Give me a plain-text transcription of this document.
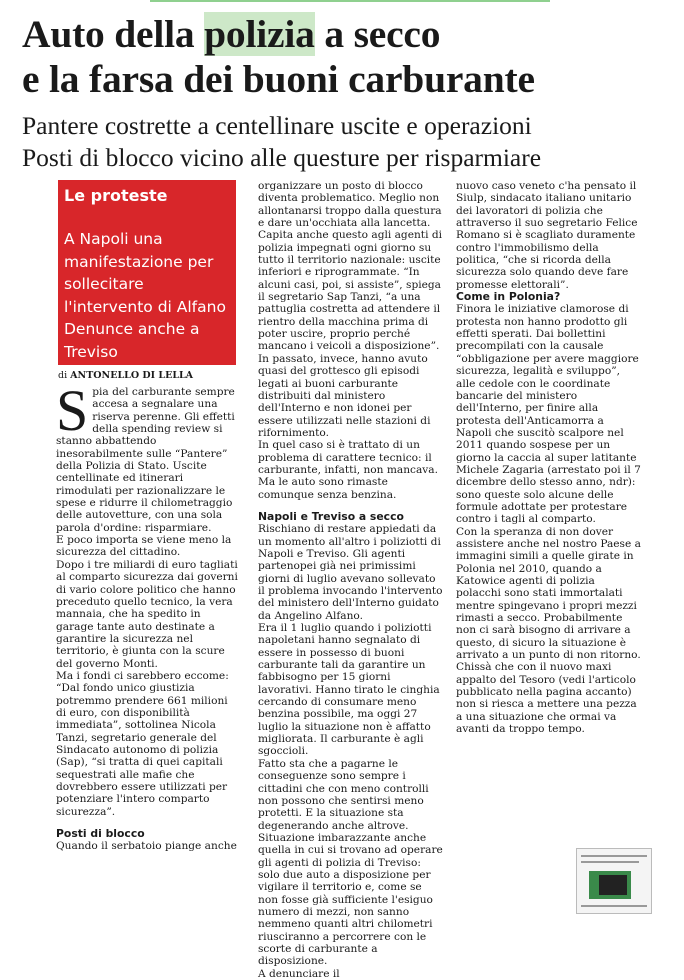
Auto della polizia a secco
e la farsa dei buoni carburante
Pantere costrette a centellinare uscite e operazioni
Posti di blocco vicino alle questure per risparmiare
Le proteste
A Napoli una manifestazione per sollecitare l'intervento di Alfano Denunce anche a Treviso
di ANTONELLO DI LELLA
S pia del carburante sempre accesa a segnalare una riserva perenne. Gli effetti della spending review si stanno abbattendo inesorabilmente sulle “Pantere” della Polizia di Stato. Uscite centellinate ed itinerari rimodulati per razionalizzare le spese e ridurre il chilometraggio delle autovetture, con una sola parola d'ordine: risparmiare.

E poco importa se viene meno la sicurezza del cittadino.

Dopo i tre miliardi di euro tagliati al comparto sicurezza dai governi di vario colore politico che hanno preceduto quello tecnico, la vera mannaia, che ha spedito in garage tante auto destinate a garantire la sicurezza nel territorio, è giunta con la scure del governo Monti.

Ma i fondi ci sarebbero eccome: “Dal fondo unico giustizia potremmo prendere 661 milioni di euro, con disponibilità immediata”, sottolinea Nicola Tanzi, segretario generale del Sindacato autonomo di polizia (Sap), “si tratta di quei capitali sequestrati alle mafie che dovrebbero essere utilizzati per potenziare l'intero comparto sicurezza”.

Posti di blocco

Quando il serbatoio piange anche

organizzare un posto di blocco diventa problematico. Meglio non allontanarsi troppo dalla questura e dare un'occhiata alla lancetta. Capita anche questo agli agenti di polizia impegnati ogni giorno su tutto il territorio nazionale: uscite inferiori e riprogrammate. “In alcuni casi, poi, si assiste”, spiega il segretario Sap Tanzi, “a una pattuglia costretta ad attendere il rientro della macchina prima di poter uscire, proprio perché mancano i veicoli a disposizione”.

In passato, invece, hanno avuto quasi del grottesco gli episodi legati ai buoni carburante distribuiti dal ministero dell'Interno e non idonei per essere utilizzati nelle stazioni di rifornimento.

In quel caso si è trattato di un problema di carattere tecnico: il carburante, infatti, non mancava. Ma le auto sono rimaste comunque senza benzina.

Napoli e Treviso a secco

Rischiano di restare appiedati da un momento all'altro i poliziotti di Napoli e Treviso. Gli agenti partenopei già nei primissimi giorni di luglio avevano sollevato il problema invocando l'intervento del ministero dell'Interno guidato da Angelino Alfano.

Era il 1 luglio quando i poliziotti napoletani hanno segnalato di essere in possesso di buoni carburante tali da garantire un fabbisogno per 15 giorni lavorativi. Hanno tirato le cinghia cercando di consumare meno benzina possibile, ma oggi 27 luglio la situazione non è affatto migliorata. Il carburante è agli sgoccioli.

Fatto sta che a pagarne le conseguenze sono sempre i cittadini che con meno controlli non possono che sentirsi meno protetti. E la situazione sta degenerando anche altrove. Situazione imbarazzante anche quella in cui si trovano ad operare gli agenti di polizia di Treviso: solo due auto a disposizione per vigilare il territorio e, come se non fosse già sufficiente l'esiguo numero di mezzi, non sanno nemmeno quanti altri chilometri riusciranno a percorrere con le scorte di carburante a disposizione.

A denunciare il

nuovo caso veneto c'ha pensato il Siulp, sindacato italiano unitario dei lavoratori di polizia che attraverso il suo segretario Felice Romano si è scagliato duramente contro l'immobilismo della politica, “che si ricorda della sicurezza solo quando deve fare promesse elettorali”.

Come in Polonia?

Finora le iniziative clamorose di protesta non hanno prodotto gli effetti sperati. Dai bollettini precompilati con la causale “obbligazione per avere maggiore sicurezza, legalità e sviluppo”, alle cedole con le coordinate bancarie del ministero dell'Interno, per finire alla protesta dell'Anticamorra a Napoli che suscitò scalpore nel 2011 quando sospese per un giorno la caccia al super latitante Michele Zagaria (arrestato poi il 7 dicembre dello stesso anno, ndr): sono queste solo alcune delle formule adottate per protestare contro i tagli al comparto.

Con la speranza di non dover assistere anche nel nostro Paese a immagini simili a quelle girate in Polonia nel 2010, quando a Katowice agenti di polizia polacchi sono stati immortalati mentre spingevano i propri mezzi rimasti a secco. Probabilmente non ci sarà bisogno di arrivare a questo, di sicuro la situazione è arrivato a un punto di non ritorno. Chissà che con il nuovo maxi appalto del Tesoro (vedi l'articolo pubblicato nella pagina accanto) non si riesca a mettere una pezza a una situazione che ormai va avanti da troppo tempo.
